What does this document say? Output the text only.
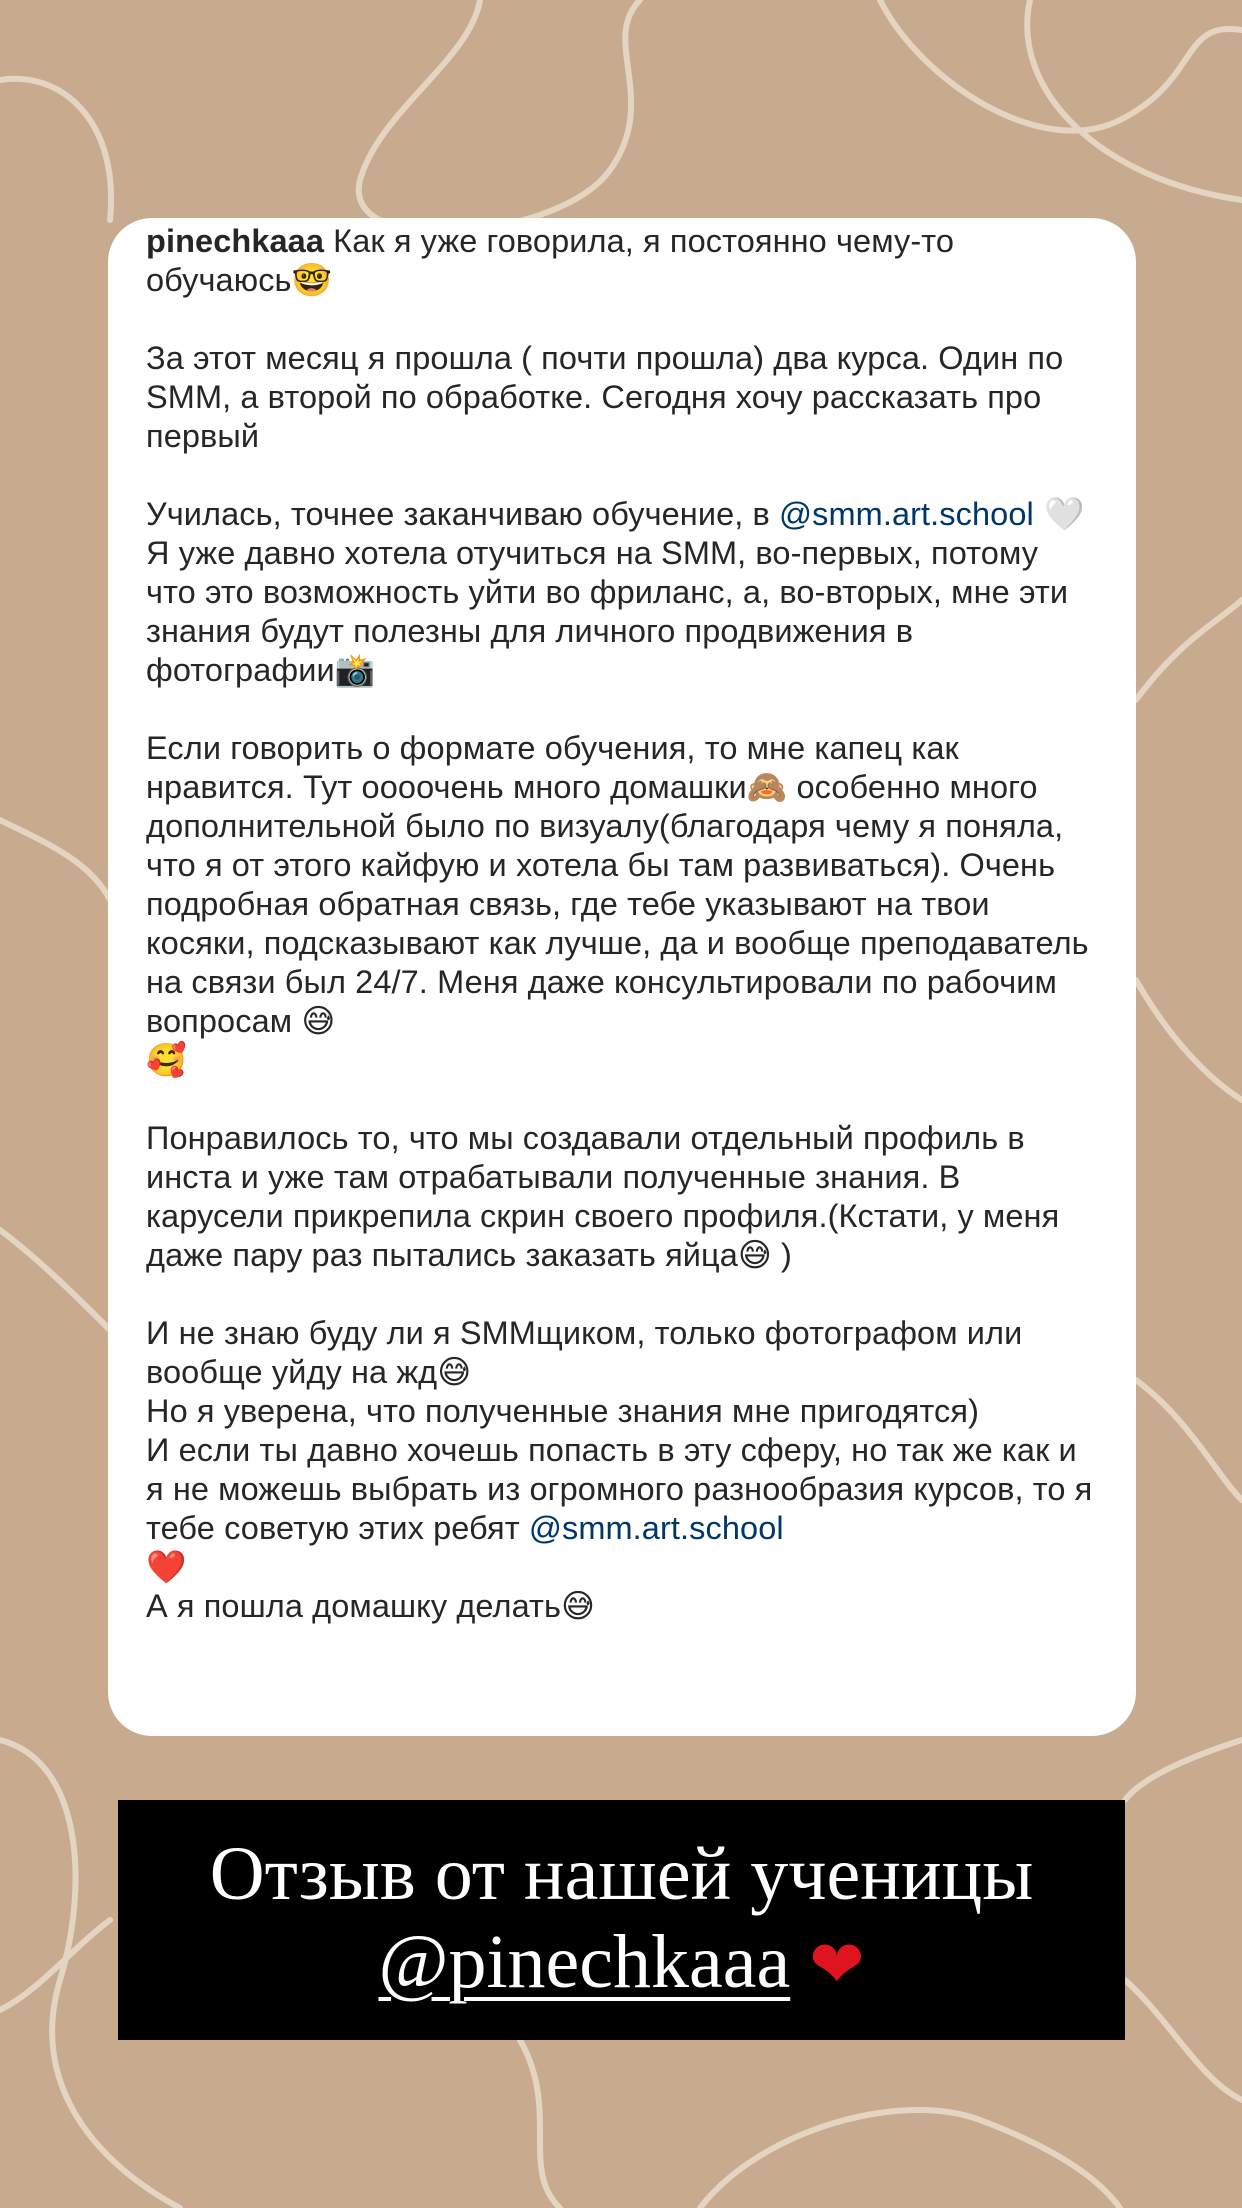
pinechkaaa Как я уже говорила, я постоянно чему-то обучаюсь🤓

За этот месяц я прошла ( почти прошла) два курса. Один по SMM, а второй по обработке. Сегодня хочу рассказать про первый

Училась, точнее заканчиваю обучение, в @smm.art.school 🤍Я уже давно хотела отучиться на SMM, во-первых, потому что это возможность уйти во фриланс, а, во-вторых, мне эти знания будут полезны для личного продвижения в фотографии📸

Если говорить о формате обучения, то мне капец как нравится. Тут оооочень много домашки🙈 особенно много дополнительной было по визуалу(благодаря чему я поняла, что я от этого кайфую и хотела бы там развиваться). Очень подробная обратная связь, где тебе указывают на твои косяки, подсказывают как лучше, да и вообще преподаватель на связи был 24/7. Меня даже консультировали по рабочим вопросам 😅
🥰

Понравилось то, что мы создавали отдельный профиль в инста и уже там отрабатывали полученные знания. В карусели прикрепила скрин своего профиля.(Кстати, у меня даже пару раз пытались заказать яйца😅 )

И не знаю буду ли я SMMщиком, только фотографом или вообще уйду на жд😅
Но я уверена, что полученные знания мне пригодятся)
И если ты давно хочешь попасть в эту сферу, но так же как и я не можешь выбрать из огромного разнообразия курсов, то я тебе советую этих ребят @smm.art.school
❤️
А я пошла домашку делать😅

Отзыв от нашей ученицы
@pinechkaaa ❤
